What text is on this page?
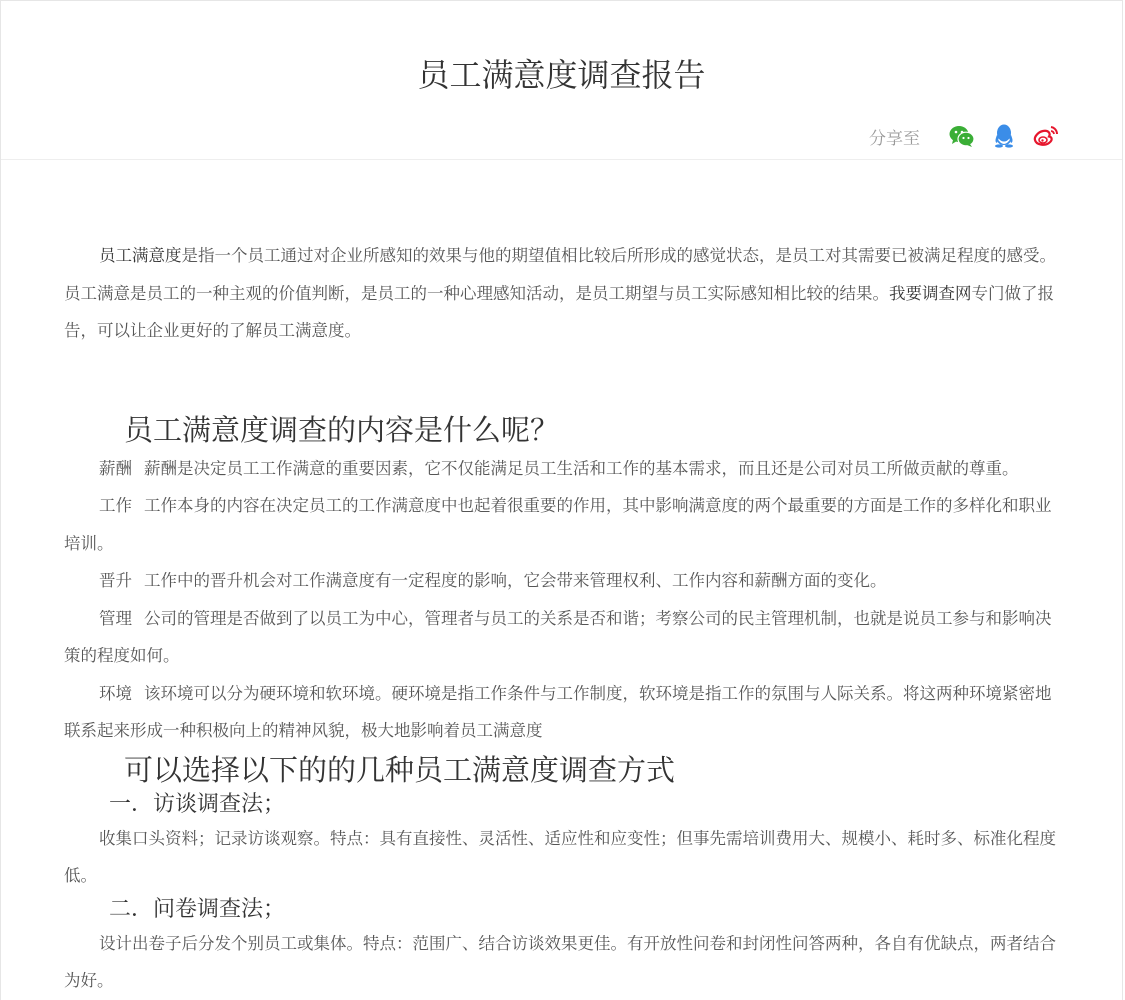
员工满意度调查报告
分享至

员工满意度是指一个员工通过对企业所感知的效果与他的期望值相比较后所形成的感觉状态，是员工对其需要已被满足程度的感受。员工满意是员工的一种主观的价值判断，是员工的一种心理感知活动，是员工期望与员工实际感知相比较的结果。我要调查网专门做了报告，可以让企业更好的了解员工满意度。

员工满意度调查的内容是什么呢？

薪酬 薪酬是决定员工工作满意的重要因素，它不仅能满足员工生活和工作的基本需求，而且还是公司对员工所做贡献的尊重。

工作 工作本身的内容在决定员工的工作满意度中也起着很重要的作用，其中影响满意度的两个最重要的方面是工作的多样化和职业培训。

晋升 工作中的晋升机会对工作满意度有一定程度的影响，它会带来管理权利、工作内容和薪酬方面的变化。

管理 公司的管理是否做到了以员工为中心，管理者与员工的关系是否和谐；考察公司的民主管理机制，也就是说员工参与和影响决策的程度如何。

环境 该环境可以分为硬环境和软环境。硬环境是指工作条件与工作制度，软环境是指工作的氛围与人际关系。将这两种环境紧密地联系起来形成一种积极向上的精神风貌，极大地影响着员工满意度

可以选择以下的的几种员工满意度调查方式
一．访谈调查法；

收集口头资料；记录访谈观察。特点：具有直接性、灵活性、适应性和应变性；但事先需培训费用大、规模小、耗时多、标准化程度低。

二．问卷调查法；

设计出卷子后分发个别员工或集体。特点：范围广、结合访谈效果更佳。有开放性问卷和封闭性问答两种，各自有优缺点，两者结合为好。
